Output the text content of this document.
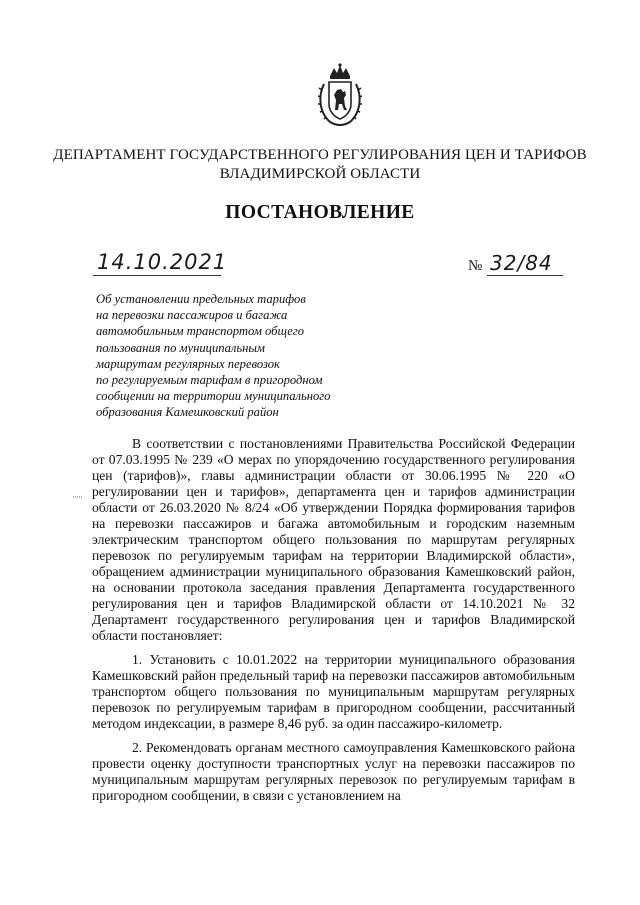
ДЕПАРТАМЕНТ ГОСУДАРСТВЕННОГО РЕГУЛИРОВАНИЯ ЦЕН И ТАРИФОВ
ВЛАДИМИРСКОЙ ОБЛАСТИ
ПОСТАНОВЛЕНИЕ
14.10.2021	№ 32/84
Об установлении предельных тарифов
на перевозки пассажиров и багажа
автомобильным транспортом общего
пользования по муниципальным
маршрутам регулярных перевозок
по регулируемым тарифам в пригородном
сообщении на территории муниципального
образования Камешковский район
·····

В соответствии с постановлениями Правительства Российской Федерации от 07.03.1995 № 239 «О мерах по упорядочению государственного регулирования цен (тарифов)», главы администрации области от 30.06.1995 № 220 «О регулировании цен и тарифов», департамента цен и тарифов администрации области от 26.03.2020 № 8/24 «Об утверждении Порядка формирования тарифов на перевозки пассажиров и багажа автомобильным и городским наземным электрическим транспортом общего пользования по маршрутам регулярных перевозок по регулируемым тарифам на территории Владимирской области», обращением администрации муниципального образования Камешковский район, на основании протокола заседания правления Департамента государственного регулирования цен и тарифов Владимирской области от 14.10.2021 № 32 Департамент государственного регулирования цен и тарифов Владимирской области постановляет:

1. Установить с 10.01.2022 на территории муниципального образования Камешковский район предельный тариф на перевозки пассажиров автомобильным транспортом общего пользования по муниципальным маршрутам регулярных перевозок по регулируемым тарифам в пригородном сообщении, рассчитанный методом индексации, в размере 8,46 руб. за один пассажиро-километр.

2. Рекомендовать органам местного самоуправления Камешковского района провести оценку доступности транспортных услуг на перевозки пассажиров по муниципальным маршрутам регулярных перевозок по регулируемым тарифам в пригородном сообщении, в связи с установлением на
